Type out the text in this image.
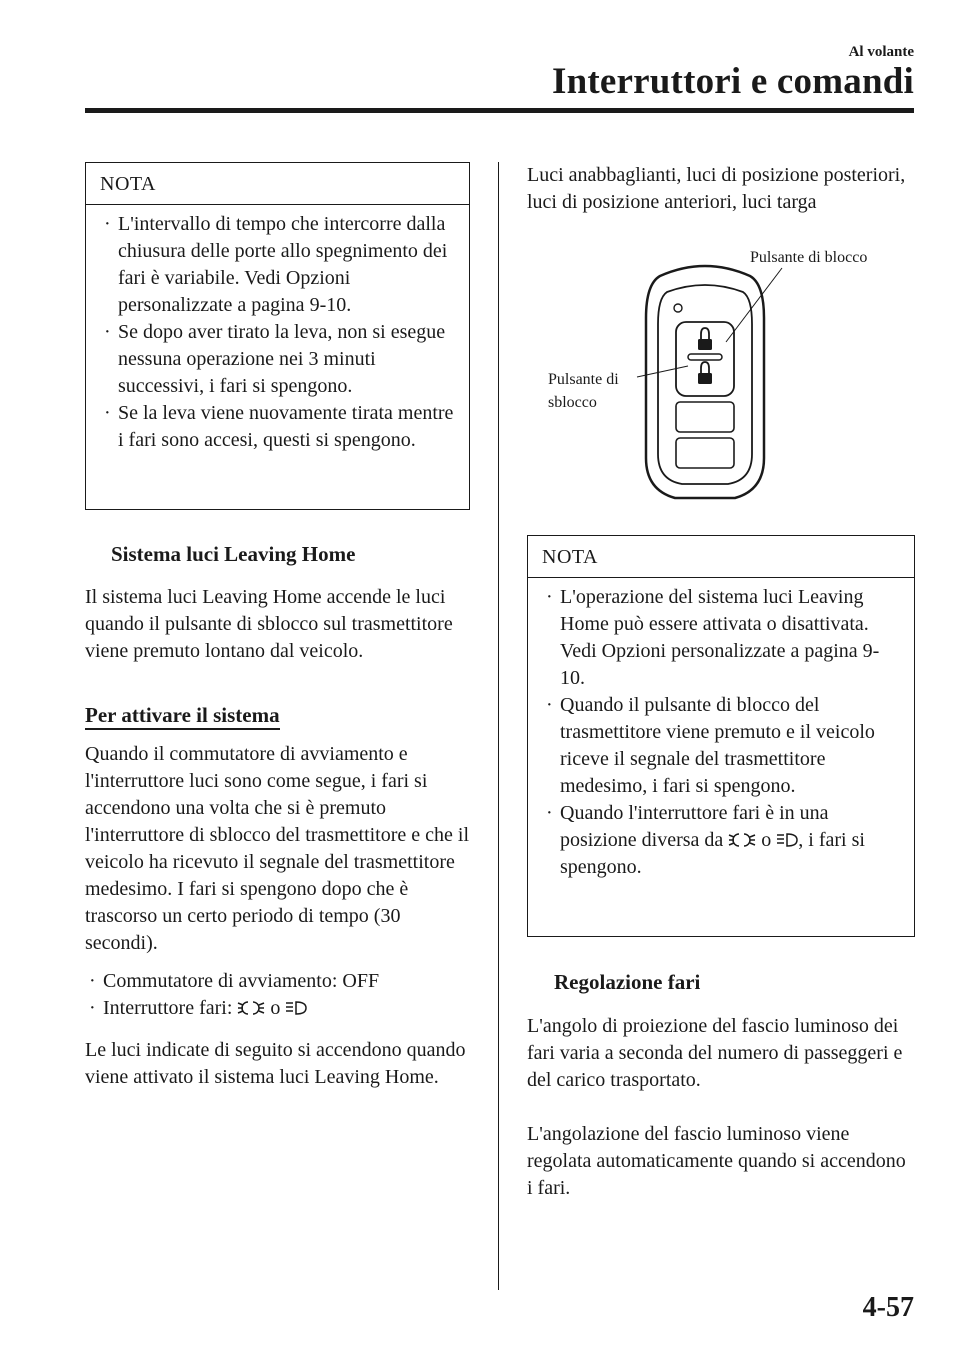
Al volante
Interruttori e comandi
NOTA
· L'intervallo di tempo che intercorre dalla chiusura delle porte allo spegnimento dei fari è variabile. Vedi Opzioni personalizzate a pagina 9-10.
· Se dopo aver tirato la leva, non si esegue nessuna operazione nei 3 minuti successivi, i fari si spengono.
· Se la leva viene nuovamente tirata mentre i fari sono accesi, questi si spengono.
Sistema luci Leaving Home
Il sistema luci Leaving Home accende le luci quando il pulsante di sblocco sul trasmettitore viene premuto lontano dal veicolo.
Per attivare il sistema
Quando il commutatore di avviamento e l'interruttore luci sono come segue, i fari si accendono una volta che si è premuto l'interruttore di sblocco del trasmettitore e che il veicolo ha ricevuto il segnale del trasmettitore medesimo. I fari si spengono dopo che è trascorso un certo periodo di tempo (30 secondi).
· Commutatore di avviamento: OFF
· Interruttore fari: o
Le luci indicate di seguito si accendono quando viene attivato il sistema luci Leaving Home.
Luci anabbaglianti, luci di posizione posteriori, luci di posizione anteriori, luci targa
Pulsante di blocco
Pulsante di
sblocco
NOTA
· L'operazione del sistema luci Leaving Home può essere attivata o disattivata. Vedi Opzioni personalizzate a pagina 9-10.
· Quando il pulsante di blocco del trasmettitore viene premuto e il veicolo riceve il segnale del trasmettitore medesimo, i fari si spengono.
· Quando l'interruttore fari è in una posizione diversa da o , i fari si spengono.
Regolazione fari
L'angolo di proiezione del fascio luminoso dei fari varia a seconda del numero di passeggeri e del carico trasportato.
L'angolazione del fascio luminoso viene regolata automaticamente quando si accendono i fari.
4-57
